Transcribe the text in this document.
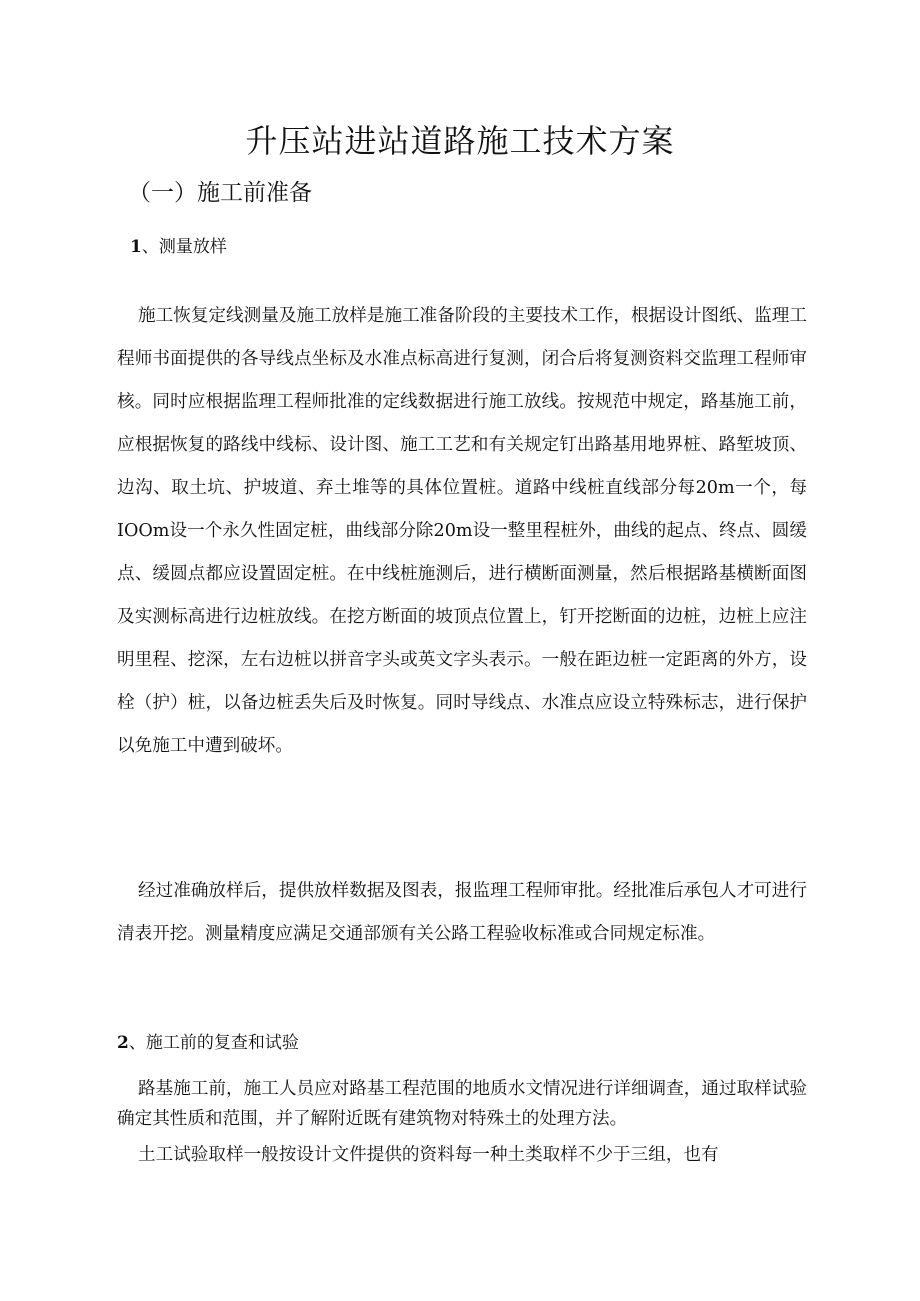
升压站进站道路施工技术方案
（一）施工前准备
1、测量放样

施工恢复定线测量及施工放样是施工准备阶段的主要技术工作，根据设计图纸、监理工程师书面提供的各导线点坐标及水准点标高进行复测，闭合后将复测资料交监理工程师审核。同时应根据监理工程师批准的定线数据进行施工放线。按规范中规定，路基施工前，应根据恢复的路线中线标、设计图、施工工艺和有关规定钉出路基用地界桩、路堑坡顶、边沟、取土坑、护坡道、弃土堆等的具体位置桩。道路中线桩直线部分每20m一个，每IOOm设一个永久性固定桩，曲线部分除20m设一整里程桩外，曲线的起点、终点、圆缓点、缓圆点都应设置固定桩。在中线桩施测后，进行横断面测量，然后根据路基横断面图及实测标高进行边桩放线。在挖方断面的坡顶点位置上，钉开挖断面的边桩，边桩上应注明里程、挖深，左右边桩以拼音字头或英文字头表示。一般在距边桩一定距离的外方，设栓（护）桩，以备边桩丢失后及时恢复。同时导线点、水准点应设立特殊标志，进行保护以免施工中遭到破坏。

经过准确放样后，提供放样数据及图表，报监理工程师审批。经批准后承包人才可进行清表开挖。测量精度应满足交通部颁有关公路工程验收标准或合同规定标准。

2、施工前的复查和试验

路基施工前，施工人员应对路基工程范围的地质水文情况进行详细调查，通过取样试验确定其性质和范围，并了解附近既有建筑物对特殊土的处理方法。

土工试验取样一般按设计文件提供的资料每一种土类取样不少于三组，也有
